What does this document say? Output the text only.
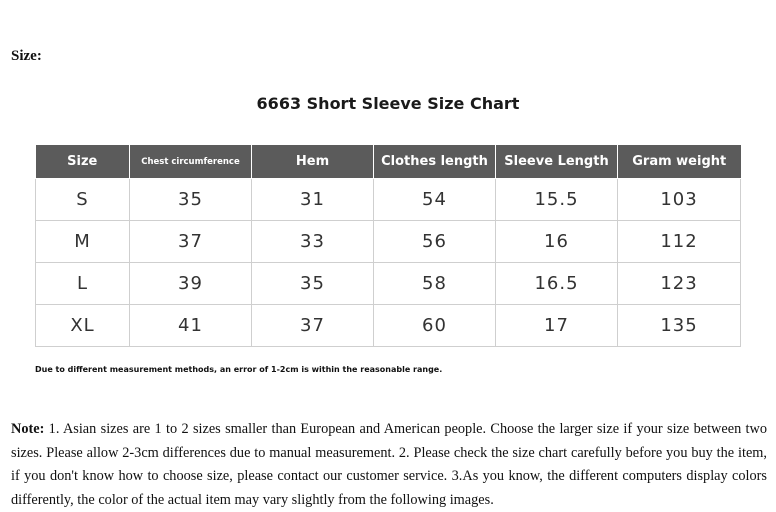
Size:
6663 Short Sleeve Size Chart
Size	Chest circumference	Hem	Clothes length	Sleeve Length	Gram weight
S	35	31	54	15.5	103
M	37	33	56	16	112
L	39	35	58	16.5	123
XL	41	37	60	17	135
Due to different measurement methods, an error of 1-2cm is within the reasonable range.
Note: 1. Asian sizes are 1 to 2 sizes smaller than European and American people. Choose the larger size if your size between two sizes. Please allow 2-3cm differences due to manual measurement. 2. Please check the size chart carefully before you buy the item, if you don't know how to choose size, please contact our customer service. 3.As you know, the different computers display colors differently, the color of the actual item may vary slightly from the following images.
